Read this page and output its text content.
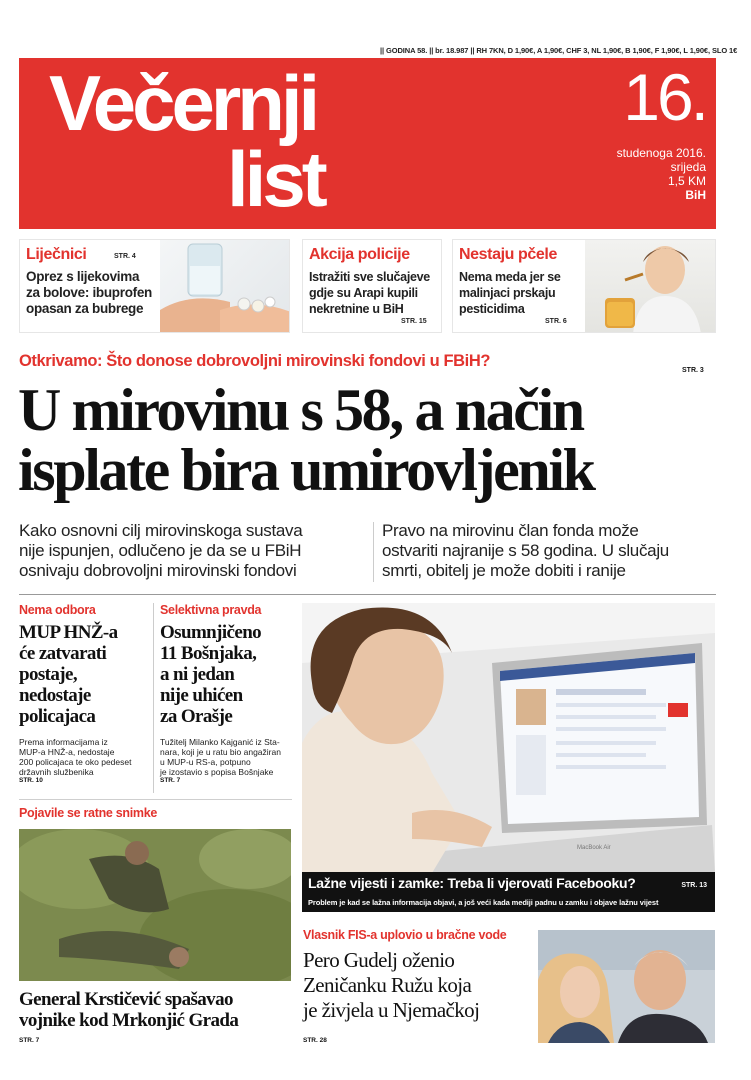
|| GODINA 58. || br. 18.987 || RH 7KN, D 1,90€, A 1,90€, CHF 3, NL 1,90€, B 1,90€, F 1,90€, L 1,90€, SLO 1€
Večernji
list
16.
studenoga 2016.
srijeda
1,5 KM
BiH
Liječnici	STR. 4
Oprez s lijekovima
za bolove: ibuprofen
opasan za bubrege
Akcija policije
Istražiti sve slučajeve
gdje su Arapi kupili
nekretnine u BiH
STR. 15
Nestaju pčele
Nema meda jer se
malinjaci prskaju
pesticidima
STR. 6
Otkrivamo: Što donose dobrovoljni mirovinski fondovi u FBiH?
STR. 3
U mirovinu s 58, a način
isplate bira umirovljenik
Kako osnovni cilj mirovinskoga sustava
nije ispunjen, odlučeno je da se u FBiH
osnivaju dobrovoljni mirovinski fondovi
Pravo na mirovinu član fonda može
ostvariti najranije s 58 godina. U slučaju
smrti, obitelj je može dobiti i ranije
Nema odbora
MUP HNŽ-a
će zatvarati
postaje,
nedostaje
policajaca
Prema informacijama iz
MUP-a HNŽ-a, nedostaje
200 policajaca te oko pedeset
državnih službenika
STR. 10
Selektivna pravda
Osumnjičeno
11 Bošnjaka,
a ni jedan
nije uhićen
za Orašje
Tužitelj Milanko Kajganić iz Sta-
nara, koji je u ratu bio angažiran
u MUP-u RS-a, potpuno
je izostavio s popisa Bošnjake
STR. 7
Pojavile se ratne snimke
General Krstičević spašavao
vojnike kod Mrkonjić Grada
STR. 7
MacBook Air
Lažne vijesti i zamke: Treba li vjerovati Facebooku?	STR. 13
Problem je kad se lažna informacija objavi, a još veći kada mediji padnu u zamku i objave lažnu vijest
Vlasnik FIS-a uplovio u bračne vode
Pero Gudelj oženio
Zeničanku Ružu koja
je živjela u Njemačkoj
STR. 28
